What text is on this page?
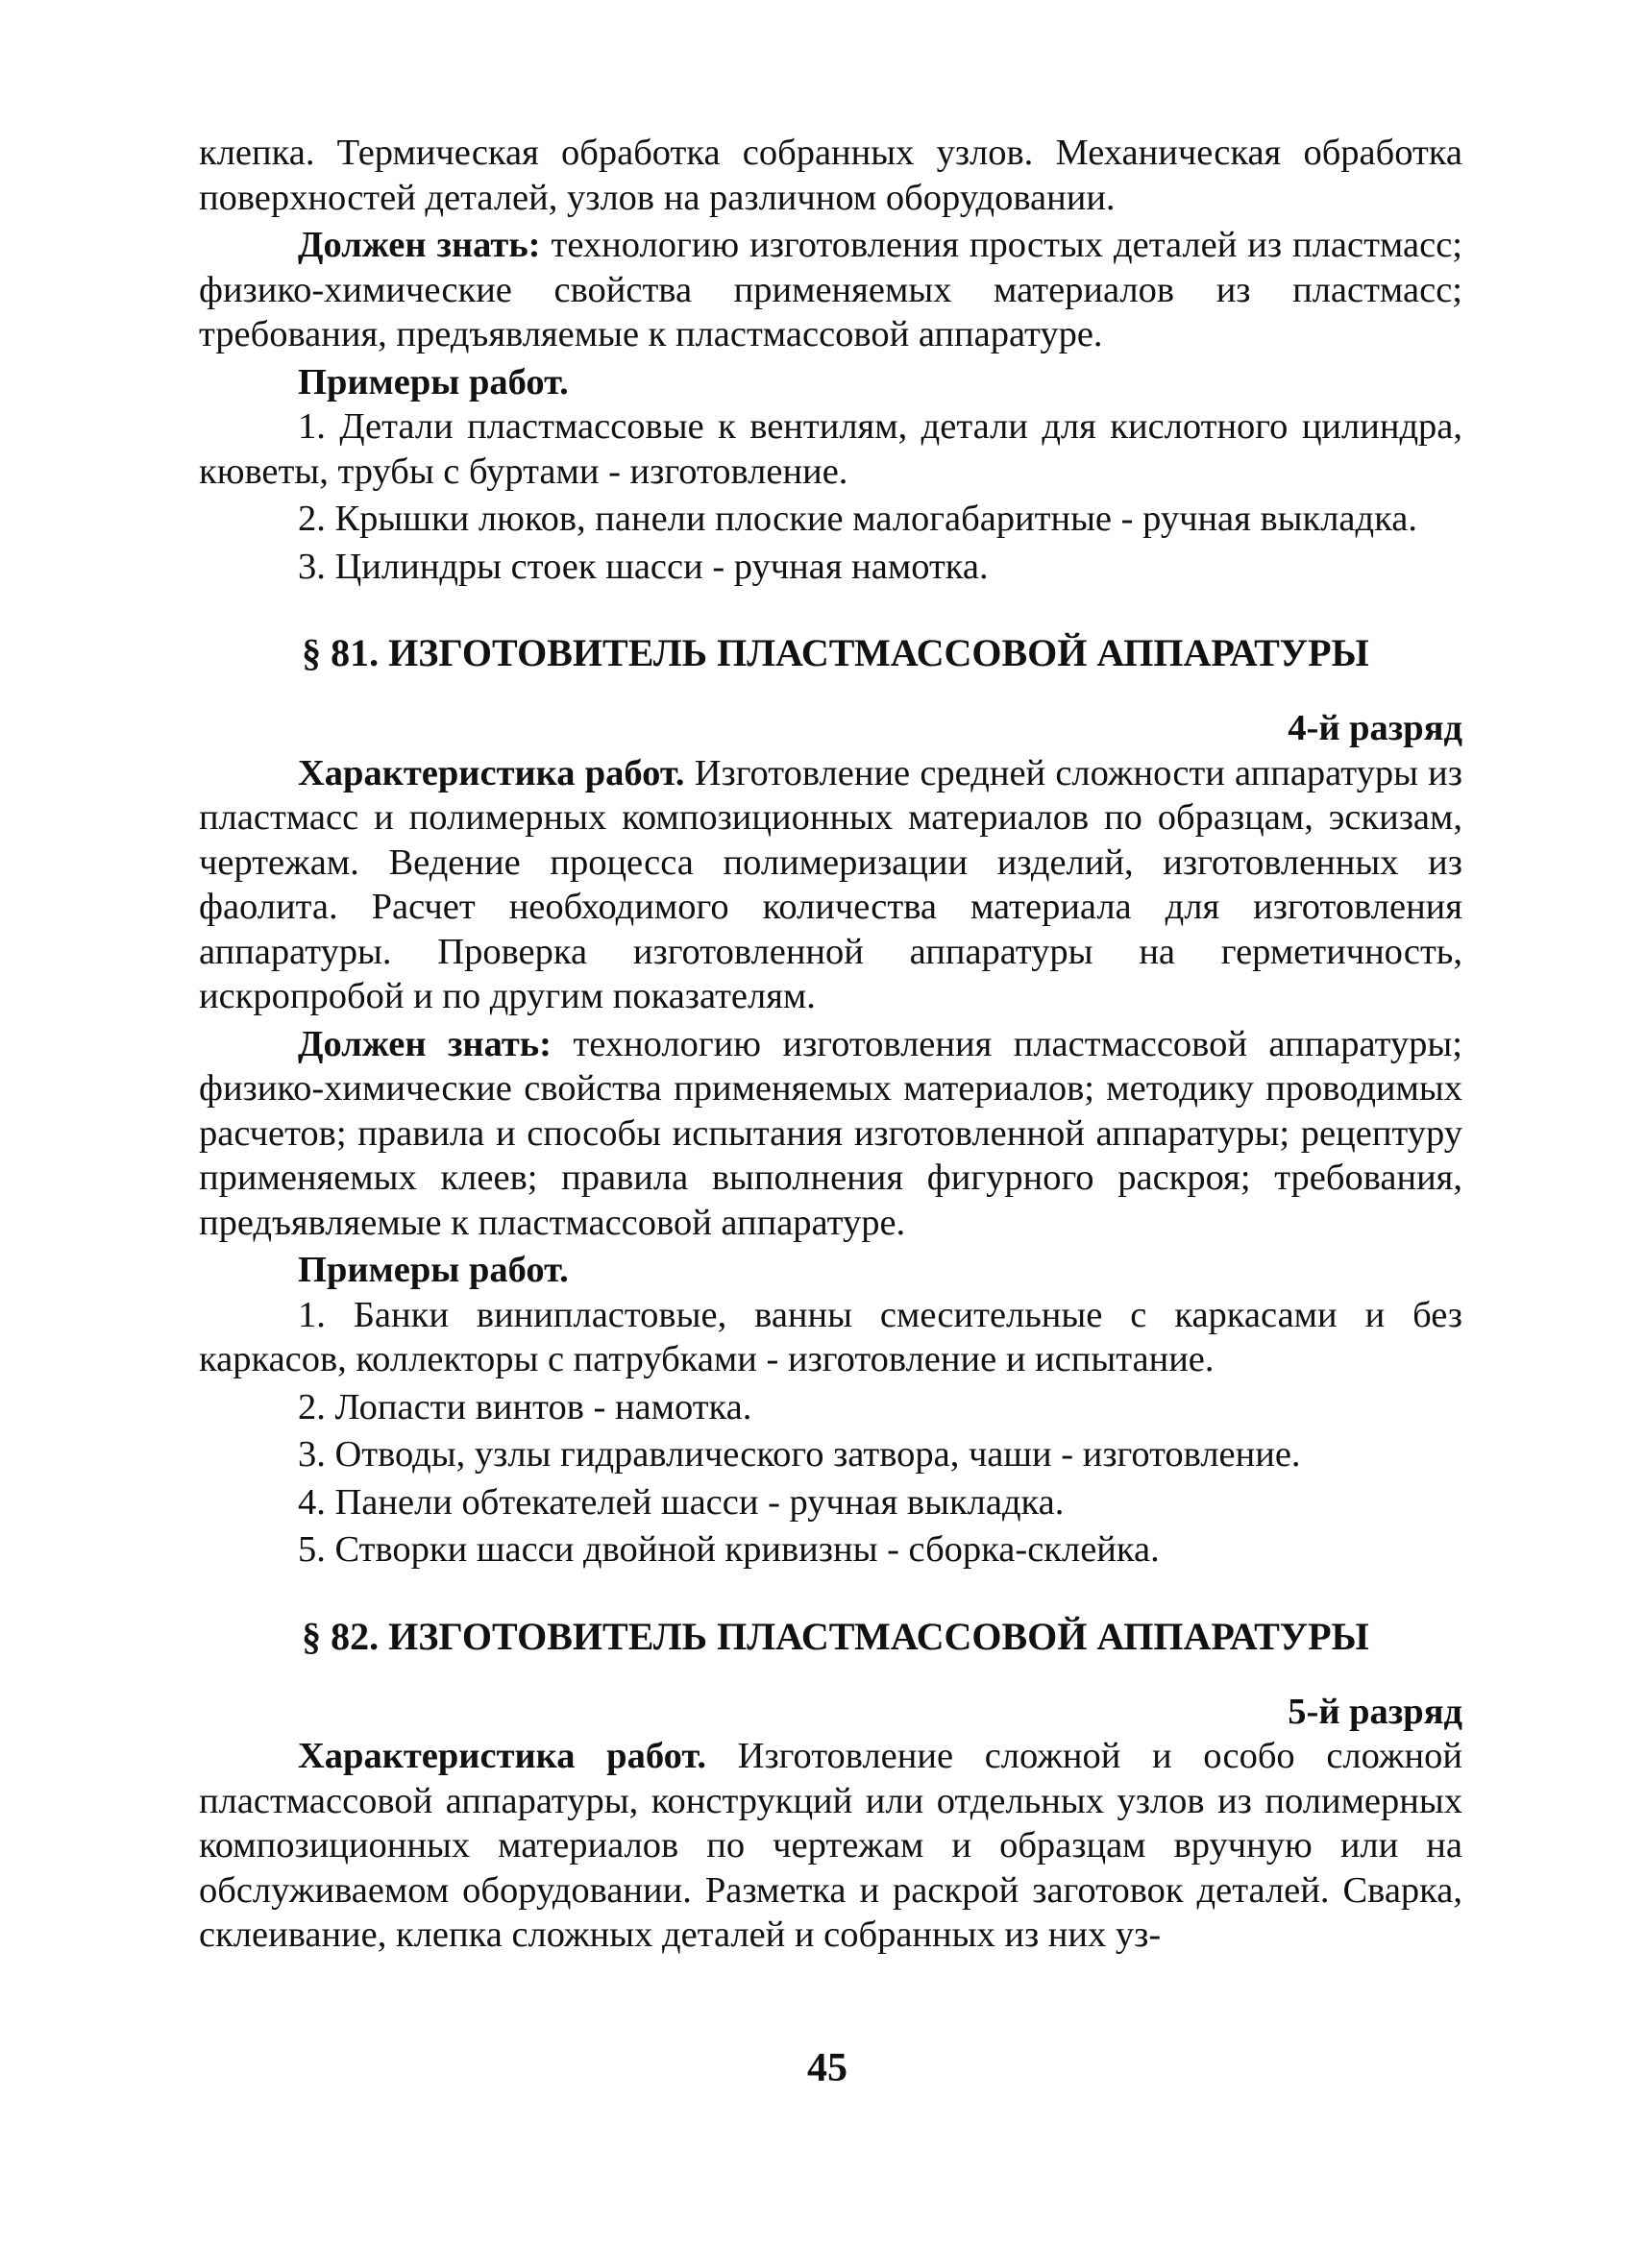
клепка. Термическая обработка собранных узлов. Механическая обработка поверхностей деталей, узлов на различном оборудовании.

Должен знать: технологию изготовления простых деталей из пластмасс; физико-химические свойства применяемых материалов из пластмасс; требования, предъявляемые к пластмассовой аппаратуре.

Примеры работ.

1. Детали пластмассовые к вентилям, детали для кислотного цилиндра, кюветы, трубы с буртами - изготовление.

2. Крышки люков, панели плоские малогабаритные - ручная выкладка.

3. Цилиндры стоек шасси - ручная намотка.

§ 81. ИЗГОТОВИТЕЛЬ ПЛАСТМАССОВОЙ АППАРАТУРЫ

4-й разряд

Характеристика работ. Изготовление средней сложности аппаратуры из пластмасс и полимерных композиционных материалов по образцам, эскизам, чертежам. Ведение процесса полимеризации изделий, изготовленных из фаолита. Расчет необходимого количества материала для изготовления аппаратуры. Проверка изготовленной аппаратуры на герметичность, искропробой и по другим показателям.

Должен знать: технологию изготовления пластмассовой аппаратуры; физико-химические свойства применяемых материалов; методику проводимых расчетов; правила и способы испытания изготовленной аппаратуры; рецептуру применяемых клеев; правила выполнения фигурного раскроя; требования, предъявляемые к пластмассовой аппаратуре.

Примеры работ.

1. Банки винипластовые, ванны смесительные с каркасами и без каркасов, коллекторы с патрубками - изготовление и испытание.

2. Лопасти винтов - намотка.

3. Отводы, узлы гидравлического затвора, чаши - изготовление.

4. Панели обтекателей шасси - ручная выкладка.

5. Створки шасси двойной кривизны - сборка-склейка.

§ 82. ИЗГОТОВИТЕЛЬ ПЛАСТМАССОВОЙ АППАРАТУРЫ

5-й разряд

Характеристика работ. Изготовление сложной и особо сложной пластмассовой аппаратуры, конструкций или отдельных узлов из полимерных композиционных материалов по чертежам и образцам вручную или на обслуживаемом оборудовании. Разметка и раскрой заготовок деталей. Сварка, склеивание, клепка сложных деталей и собранных из них уз-

45
